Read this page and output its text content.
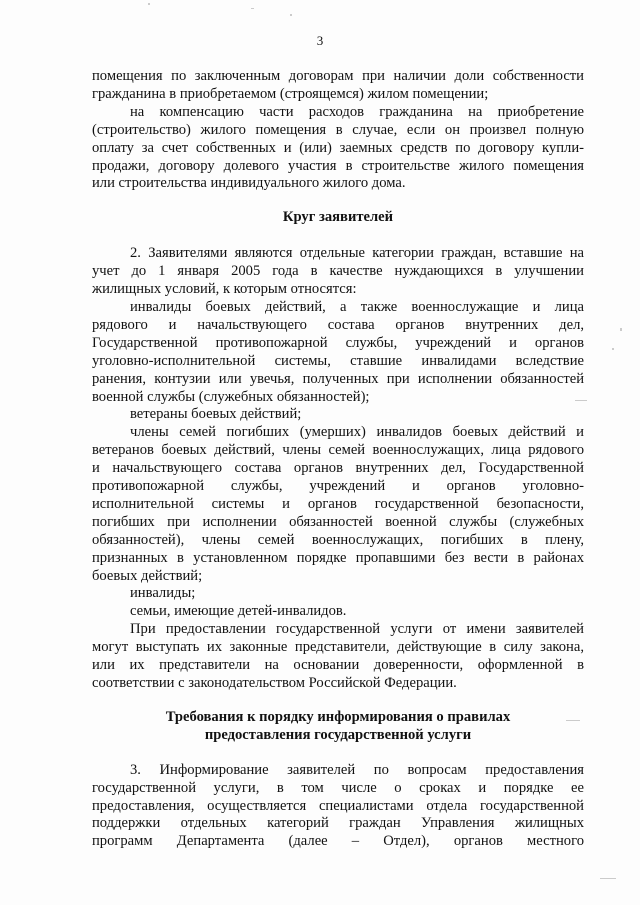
3

помещения по заключенным договорам при наличии доли собственности

гражданина в приобретаемом (строящемся) жилом помещении;

на компенсацию части расходов гражданина на приобретение

(строительство) жилого помещения в случае, если он произвел полную

оплату за счет собственных и (или) заемных средств по договору купли-

продажи, договору долевого участия в строительстве жилого помещения

или строительства индивидуального жилого дома.

Круг заявителей

2. Заявителями являются отдельные категории граждан, вставшие на

учет до 1 января 2005 года в качестве нуждающихся в улучшении

жилищных условий, к которым относятся:

инвалиды боевых действий, а также военнослужащие и лица

рядового и начальствующего состава органов внутренних дел,

Государственной противопожарной службы, учреждений и органов

уголовно-исполнительной системы, ставшие инвалидами вследствие

ранения, контузии или увечья, полученных при исполнении обязанностей

военной службы (служебных обязанностей);

ветераны боевых действий;

члены семей погибших (умерших) инвалидов боевых действий и

ветеранов боевых действий, члены семей военнослужащих, лица рядового

и начальствующего состава органов внутренних дел, Государственной

противопожарной службы, учреждений и органов уголовно-

исполнительной системы и органов государственной безопасности,

погибших при исполнении обязанностей военной службы (служебных

обязанностей), члены семей военнослужащих, погибших в плену,

признанных в установленном порядке пропавшими без вести в районах

боевых действий;

инвалиды;

семьи, имеющие детей-инвалидов.

При предоставлении государственной услуги от имени заявителей

могут выступать их законные представители, действующие в силу закона,

или их представители на основании доверенности, оформленной в

соответствии с законодательством Российской Федерации.

Требования к порядку информирования о правилах
предоставления государственной услуги

3. Информирование заявителей по вопросам предоставления

государственной услуги, в том числе о сроках и порядке ее

предоставления, осуществляется специалистами отдела государственной

поддержки отдельных категорий граждан Управления жилищных

программ Департамента (далее – Отдел), органов местного
